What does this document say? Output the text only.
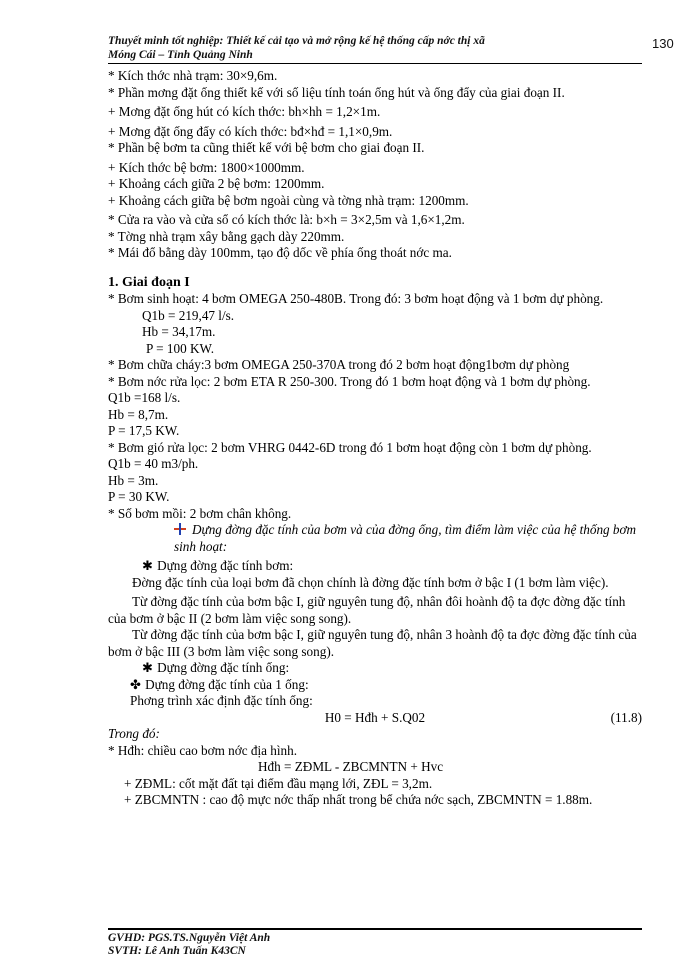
Thuyết minh tốt nghiệp: Thiết kế cải tạo và mở rộng kế hệ thống cấp nớc thị xã
Móng Cái – Tỉnh Quảng Ninh
130

* Kích thớc nhà trạm: 30×9,6m.

* Phần mơng đặt ống thiết kế với số liệu tính toán ống hút và ống đẩy của giai đoạn II.

+ Mơng đặt ống hút có kích thớc: bh×hh = 1,2×1m.

+ Mơng đặt ống đẩy có kích thớc: bđ×hđ = 1,1×0,9m.

* Phần bệ bơm ta cũng thiết kế với bệ bơm cho giai đoạn II.

+ Kích thớc bệ bơm: 1800×1000mm.

+ Khoảng cách giữa 2 bệ bơm: 1200mm.

+ Khoảng cách giữa bệ bơm ngoài cùng và tờng nhà trạm: 1200mm.

* Cửa ra vào và cửa sổ có kích thớc là: b×h = 3×2,5m và 1,6×1,2m.

* Tờng nhà trạm xây bằng gạch dày 220mm.

* Mái đổ bằng dày 100mm, tạo độ dốc về phía ống thoát nớc ma.

1. Giai đoạn I

* Bơm sinh hoạt: 4 bơm OMEGA 250-480B. Trong đó: 3 bơm hoạt động và 1 bơm dự phòng.

Q1b = 219,47 l/s.

Hb = 34,17m.

P = 100 KW.

* Bơm chữa cháy:3 bơm OMEGA 250-370A trong đó 2 bơm hoạt động1bơm dự phòng

* Bơm nớc rửa lọc: 2 bơm ETA R 250-300. Trong đó 1 bơm hoạt động và 1 bơm dự phòng.

Q1b =168 l/s.

Hb = 8,7m.

P = 17,5 KW.

* Bơm gió rửa lọc: 2 bơm VHRG 0442-6D trong đó 1 bơm hoạt động còn 1 bơm dự phòng.

Q1b = 40 m3/ph.

Hb = 3m.

P = 30 KW.

* Số bơm mồi: 2 bơm chân không.

Dựng đờng đặc tính của bơm và của đờng ống, tìm điểm làm việc của hệ thống bơm sinh hoạt:

✱ Dựng đờng đặc tính bơm:

Đờng đặc tính của loại bơm đã chọn chính là đờng đặc tính bơm ở bậc I (1 bơm làm việc).

Từ đờng đặc tính của bơm bậc I, giữ nguyên tung độ, nhân đôi hoành độ ta đợc đờng đặc tính của bơm ở bậc II (2 bơm làm việc song song).

Từ đờng đặc tính của bơm bậc I, giữ nguyên tung độ, nhân 3 hoành độ ta đợc đờng đặc tính của bơm ở bậc III (3 bơm làm việc song song).

✱ Dựng đờng đặc tính ống:

✤ Dựng đờng đặc tính của 1 ống:

Phơng trình xác định đặc tính ống:

H0 = Hđh + S.Q02	(11.8)

Trong đó:

* Hđh: chiều cao bơm nớc địa hình.

Hđh = ZĐML - ZBCMNTN + Hvc

+ ZĐML: cốt mặt đất tại điểm đầu mạng lới, ZĐL = 3,2m.

+ ZBCMNTN : cao độ mực nớc thấp nhất trong bể chứa nớc sạch, ZBCMNTN = 1.88m.

GVHD: PGS.TS.Nguyễn Việt Anh
SVTH: Lê Anh Tuấn K43CN
